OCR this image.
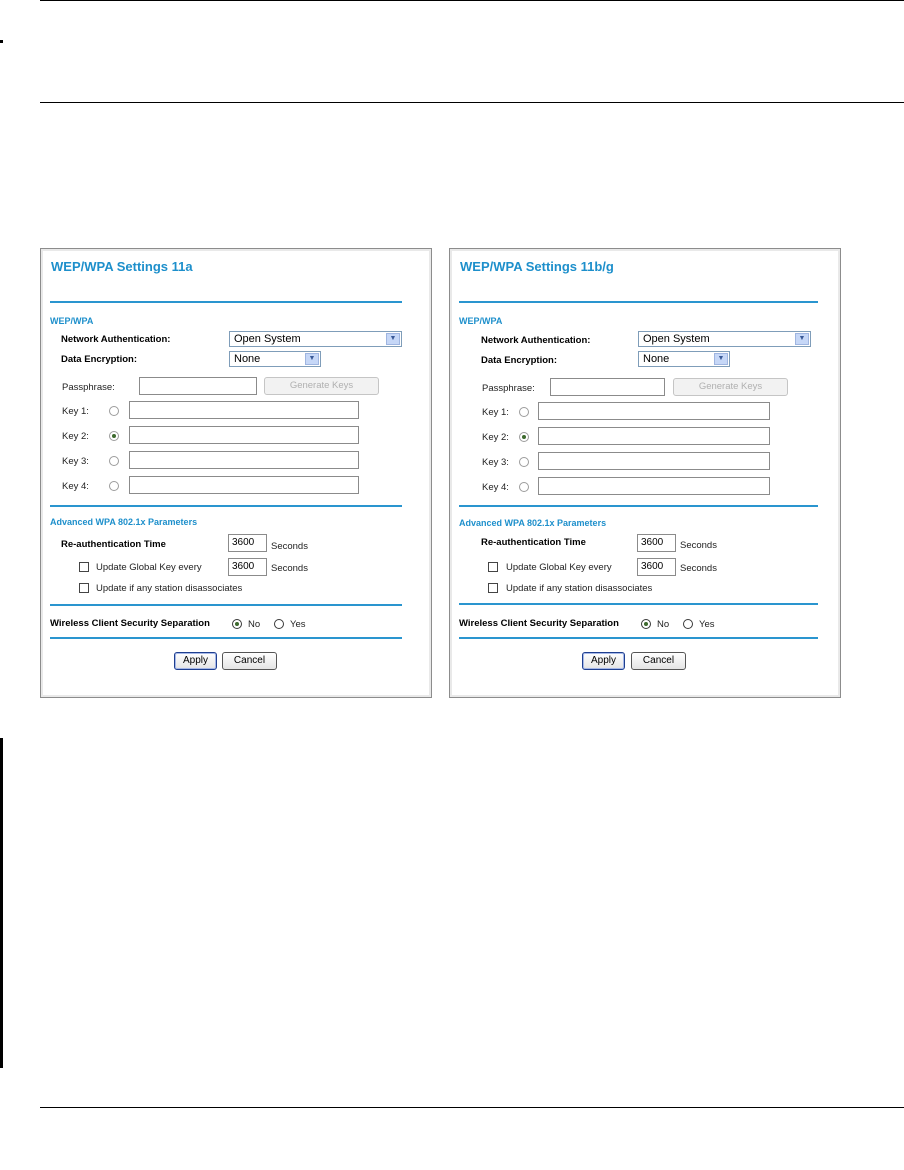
WEP/WPA Settings 11a
WEP/WPA
Network Authentication:	Open System	▼
Data Encryption:	None	▼
Passphrase:	Generate Keys
Key 1:
Key 2:
Key 3:
Key 4:
Advanced WPA 802.1x Parameters
Re-authentication Time	3600	Seconds
Update Global Key every	3600	Seconds
Update if any station disassociates
Wireless Client Security Separation	No	Yes
Apply	Cancel
WEP/WPA Settings 11b/g
WEP/WPA
Network Authentication:	Open System	▼
Data Encryption:	None	▼
Passphrase:	Generate Keys
Key 1:
Key 2:
Key 3:
Key 4:
Advanced WPA 802.1x Parameters
Re-authentication Time	3600	Seconds
Update Global Key every	3600	Seconds
Update if any station disassociates
Wireless Client Security Separation	No	Yes
Apply	Cancel
